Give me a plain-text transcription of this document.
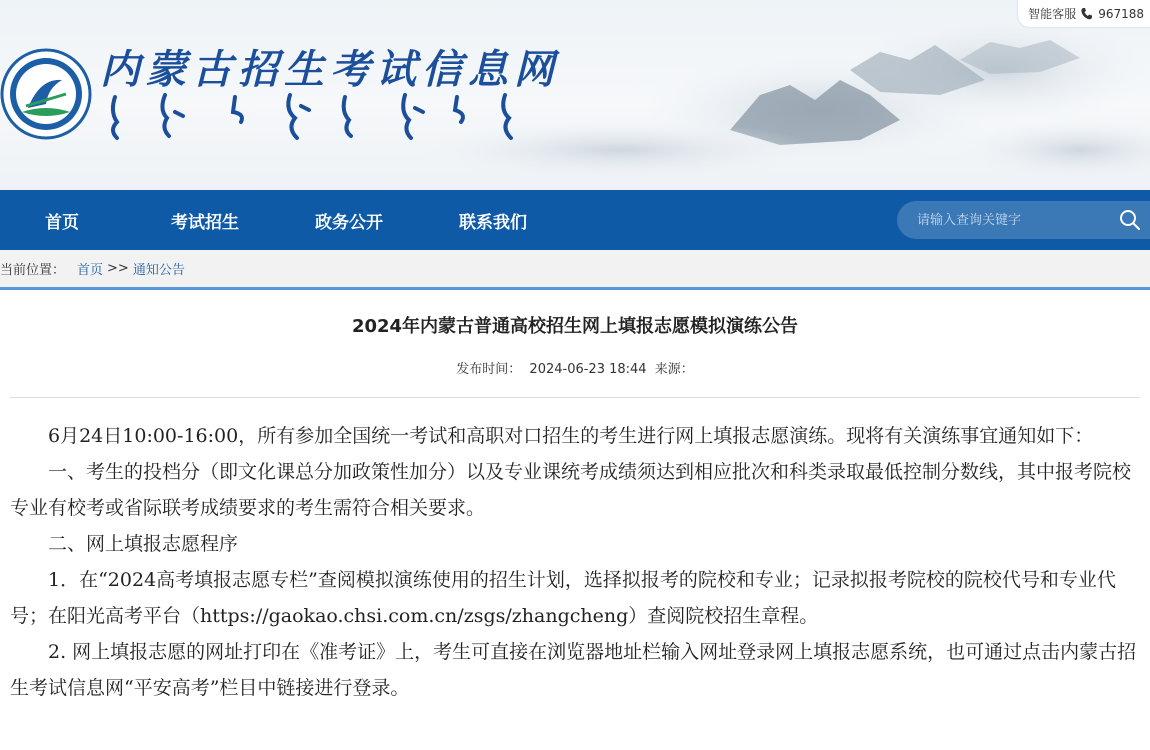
内蒙古招生考试信息网
智能客服 967188
首页	考试招生	政务公开	联系我们
请输入查询关键字
当前位置： 首页 >> 通知公告
2024年内蒙古普通高校招生网上填报志愿模拟演练公告
发布时间： 2024-06-23 18:44 来源：

6月24日10:00-16:00，所有参加全国统一考试和高职对口招生的考生进行网上填报志愿演练。现将有关演练事宜通知如下：

一、考生的投档分（即文化课总分加政策性加分）以及专业课统考成绩须达到相应批次和科类录取最低控制分数线，其中报考院校专业有校考或省际联考成绩要求的考生需符合相关要求。

二、网上填报志愿程序

1．在“2024高考填报志愿专栏”查阅模拟演练使用的招生计划，选择拟报考的院校和专业；记录拟报考院校的院校代号和专业代号；在阳光高考平台（https://gaokao.chsi.com.cn/zsgs/zhangcheng）查阅院校招生章程。

2. 网上填报志愿的网址打印在《准考证》上，考生可直接在浏览器地址栏输入网址登录网上填报志愿系统，也可通过点击内蒙古招生考试信息网“平安高考”栏目中链接进行登录。
